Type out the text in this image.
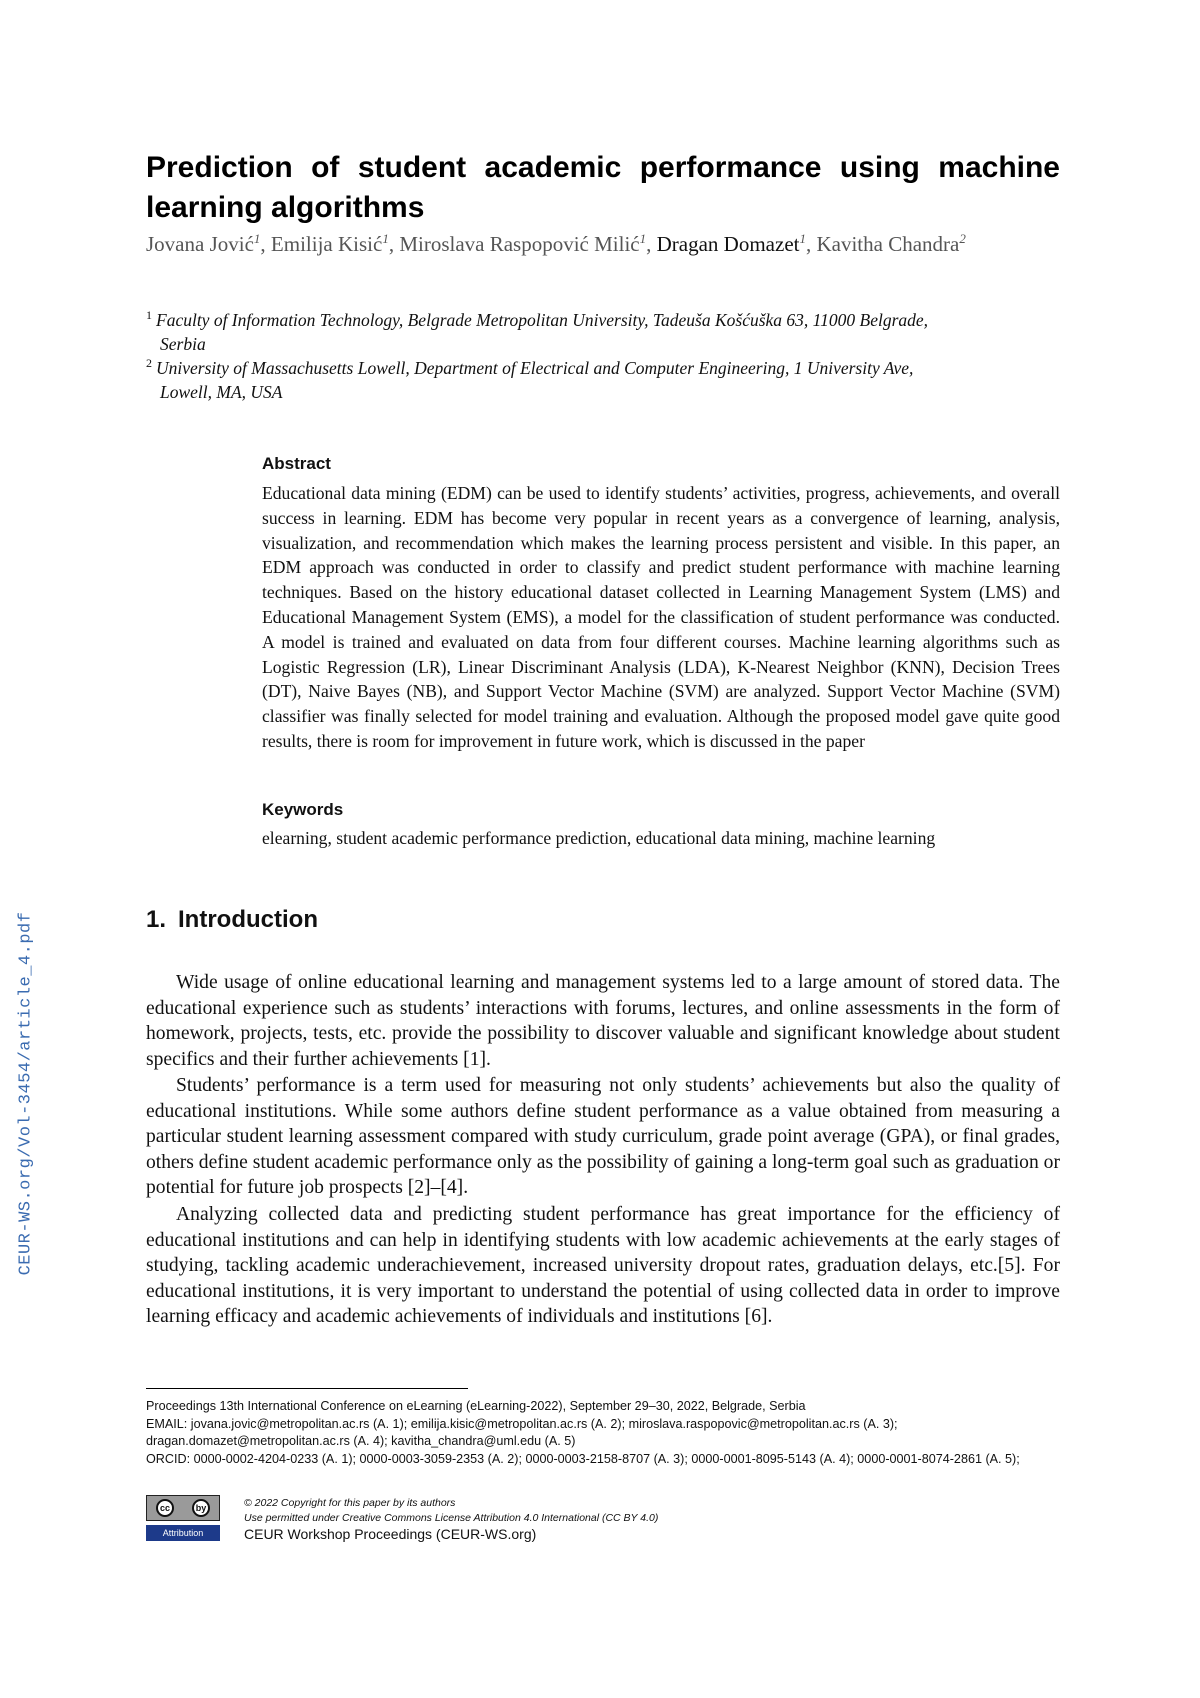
CEUR-WS.org/Vol-3454/article_4.pdf
Prediction of student academic performance using machine
learning algorithms
Jovana Jović$^1$, Emilija Kisić$^1$, Miroslava Raspopović Milić$^1$, Dragan Domazet$^1$, Kavitha Chandra$^2$
$^1$ Faculty of Information Technology, Belgrade Metropolitan University, Tadeuša Košćuška 63, 11000 Belgrade,
Serbia
$^2$ University of Massachusetts Lowell, Department of Electrical and Computer Engineering, 1 University Ave,
Lowell, MA, USA
Abstract

Educational data mining (EDM) can be used to identify students’ activities, progress, achievements, and overall success in learning. EDM has become very popular in recent years as a convergence of learning, analysis, visualization, and recommendation which makes the learning process persistent and visible. In this paper, an EDM approach was conducted in order to classify and predict student performance with machine learning techniques. Based on the history educational dataset collected in Learning Management System (LMS) and Educational Management System (EMS), a model for the classification of student performance was conducted. A model is trained and evaluated on data from four different courses. Machine learning algorithms such as Logistic Regression (LR), Linear Discriminant Analysis (LDA), K-Nearest Neighbor (KNN), Decision Trees (DT), Naive Bayes (NB), and Support Vector Machine (SVM) are analyzed. Support Vector Machine (SVM) classifier was finally selected for model training and evaluation. Although the proposed model gave quite good results, there is room for improvement in future work, which is discussed in the paper

Keywords

elearning, student academic performance prediction, educational data mining, machine learning

1. Introduction

Wide usage of online educational learning and management systems led to a large amount of stored data. The educational experience such as students’ interactions with forums, lectures, and online assessments in the form of homework, projects, tests, etc. provide the possibility to discover valuable and significant knowledge about student specifics and their further achievements [1].

Students’ performance is a term used for measuring not only students’ achievements but also the quality of educational institutions. While some authors define student performance as a value obtained from measuring a particular student learning assessment compared with study curriculum, grade point average (GPA), or final grades, others define student academic performance only as the possibility of gaining a long-term goal such as graduation or potential for future job prospects [2]–[4].

Analyzing collected data and predicting student performance has great importance for the efficiency of educational institutions and can help in identifying students with low academic achievements at the early stages of studying, tackling academic underachievement, increased university dropout rates, graduation delays, etc.[5]. For educational institutions, it is very important to understand the potential of using collected data in order to improve learning efficacy and academic achievements of individuals and institutions [6].

Proceedings 13th International Conference on eLearning (eLearning-2022), September 29–30, 2022, Belgrade, Serbia

EMAIL: jovana.jovic@metropolitan.ac.rs (A. 1); emilija.kisic@metropolitan.ac.rs (A. 2); miroslava.raspopovic@metropolitan.ac.rs (A. 3); dragan.domazet@metropolitan.ac.rs (A. 4); kavitha_chandra@uml.edu (A. 5)

ORCID: 0000-0002-4204-0233 (A. 1); 0000-0003-3059-2353 (A. 2); 0000-0003-2158-8707 (A. 3); 0000-0001-8095-5143 (A. 4); 0000-0001-8074-2861 (A. 5);

cc	by
Attribution

© 2022 Copyright for this paper by its authors

Use permitted under Creative Commons License Attribution 4.0 International (CC BY 4.0)

CEUR Workshop Proceedings (CEUR-WS.org)
